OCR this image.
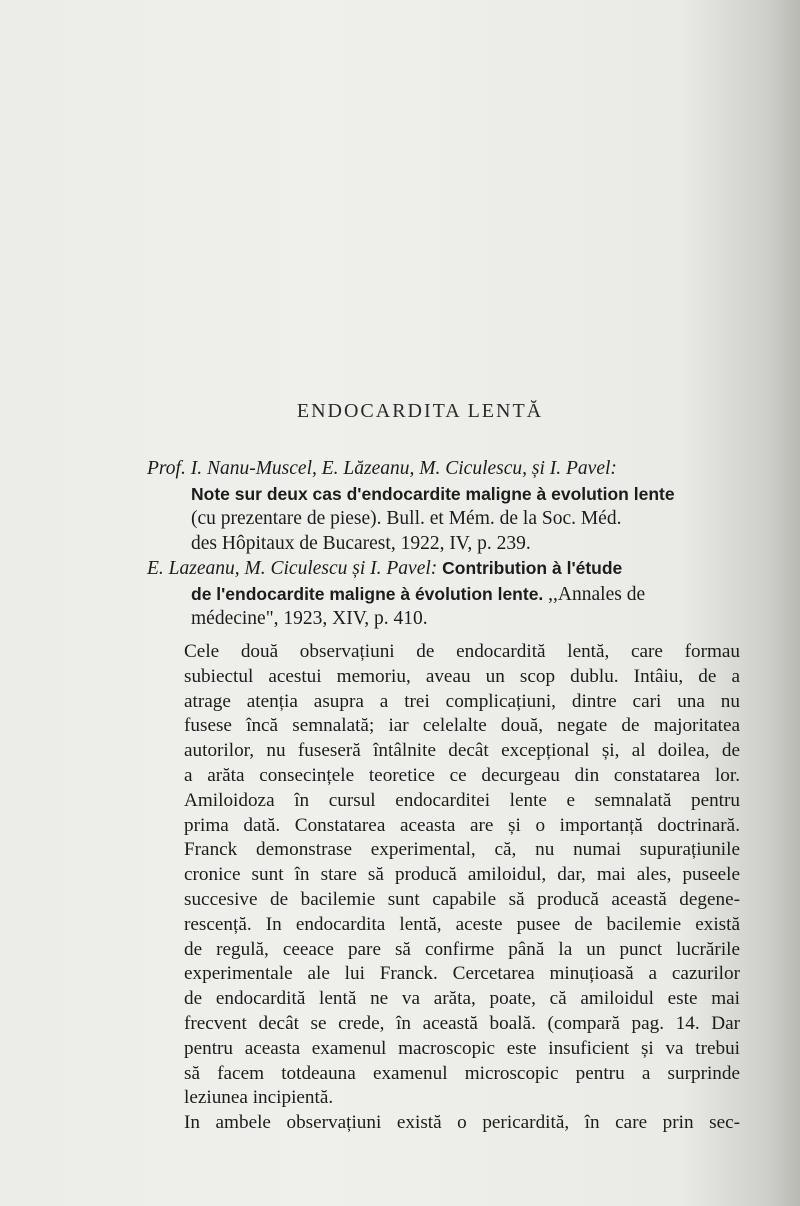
ENDOCARDITA LENTĂ
Prof. I. Nanu-Muscel, E. Lăzeanu, M. Ciculescu, și I. Pavel:
Note sur deux cas d'endocardite maligne à evolution lente
(cu prezentare de piese). Bull. et Mém. de la Soc. Méd.
des Hôpitaux de Bucarest, 1922, IV, p. 239.
E. Lazeanu, M. Ciculescu și I. Pavel: Contribution à l'étude
de l'endocardite maligne à évolution lente. ,,Annales de
médecine", 1923, XIV, p. 410.

Cele două observațiuni de endocardită lentă, care formau
subiectul acestui memoriu, aveau un scop dublu. Intâiu, de a
atrage atenția asupra a trei complicațiuni, dintre cari una nu
fusese încă semnalată; iar celelalte două, negate de majoritatea
autorilor, nu fuseseră întâlnite decât excepțional și, al doilea, de
a arăta consecințele teoretice ce decurgeau din constatarea lor.

Amiloidoza în cursul endocarditei lente e semnalată pentru
prima dată. Constatarea aceasta are și o importanță doctrinară.
Franck demonstrase experimental, că, nu numai supurațiunile
cronice sunt în stare să producă amiloidul, dar, mai ales, puseele
succesive de bacilemie sunt capabile să producă această degene-
rescență. In endocardita lentă, aceste pusee de bacilemie există
de regulă, ceeace pare să confirme până la un punct lucrările
experimentale ale lui Franck. Cercetarea minuțioasă a cazurilor
de endocardită lentă ne va arăta, poate, că amiloidul este mai
frecvent decât se crede, în această boală. (compară pag. 14. Dar
pentru aceasta examenul macroscopic este insuficient și va trebui
să facem totdeauna examenul microscopic pentru a surprinde
leziunea incipientă.

In ambele observațiuni există o pericardită, în care prin sec-
